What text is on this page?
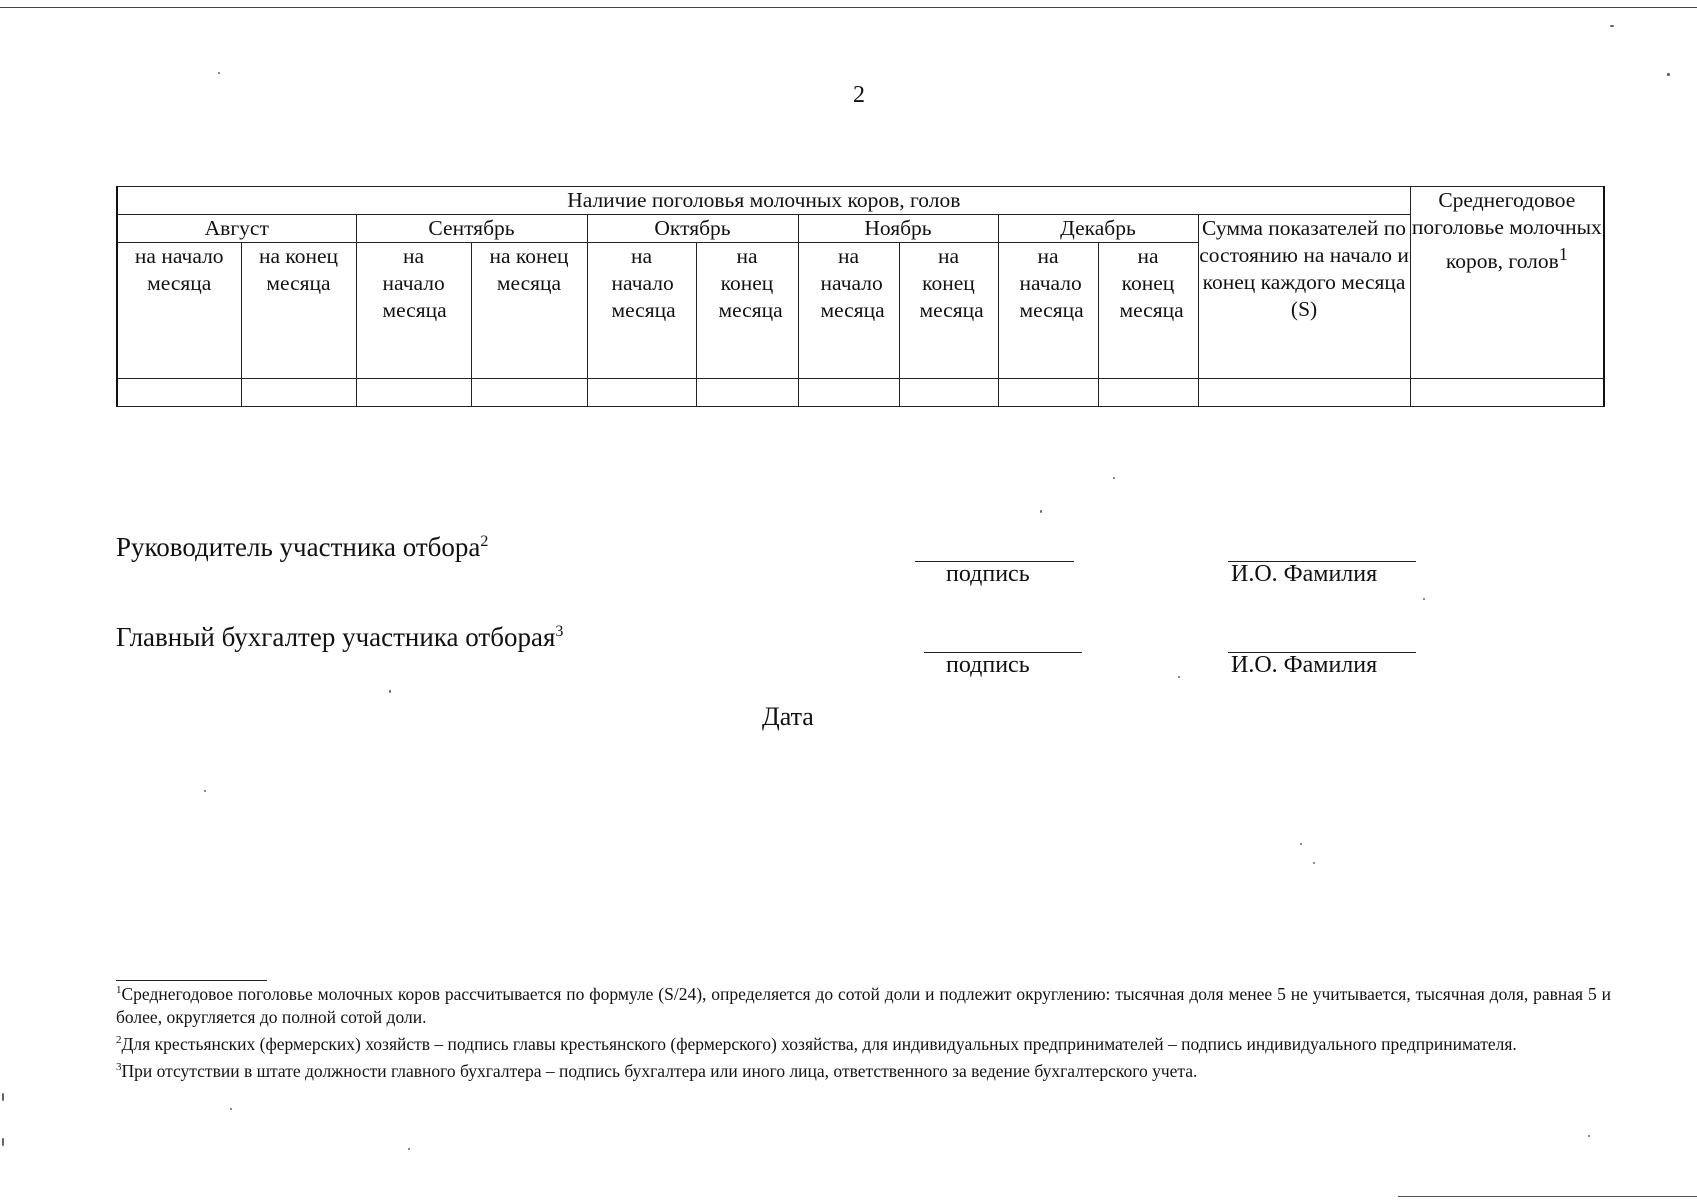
2
Наличие поголовья молочных коров, голов											Среднегодовое поголовье молочных коров, голов$^1$
Август		Сентябрь		Октябрь		Ноябрь		Декабрь		Сумма показателей по состоянию на начало и конец каждого месяца (S)	
на начало месяца	на конец месяца	на начало месяца	на конец месяца	на начало месяца	на конец месяца	на начало месяца	на конец месяца	на начало месяца	на конец месяца		

Руководитель участника отбора$^2$
подпись	И.О. Фамилия
Главный бухгалтер участника отборая$^3$
подпись	И.О. Фамилия
Дата

$^1$Среднегодовое поголовье молочных коров рассчитывается по формуле (S/24), определяется до сотой доли и подлежит округлению: тысячная доля менее 5 не учитывается, тысячная доля, равная 5 и более, округляется до полной сотой доли.

$^2$Для крестьянских (фермерских) хозяйств – подпись главы крестьянского (фермерского) хозяйства, для индивидуальных предпринимателей – подпись индивидуального предпринимателя.

$^3$При отсутствии в штате должности главного бухгалтера – подпись бухгалтера или иного лица, ответственного за ведение бухгалтерского учета.
